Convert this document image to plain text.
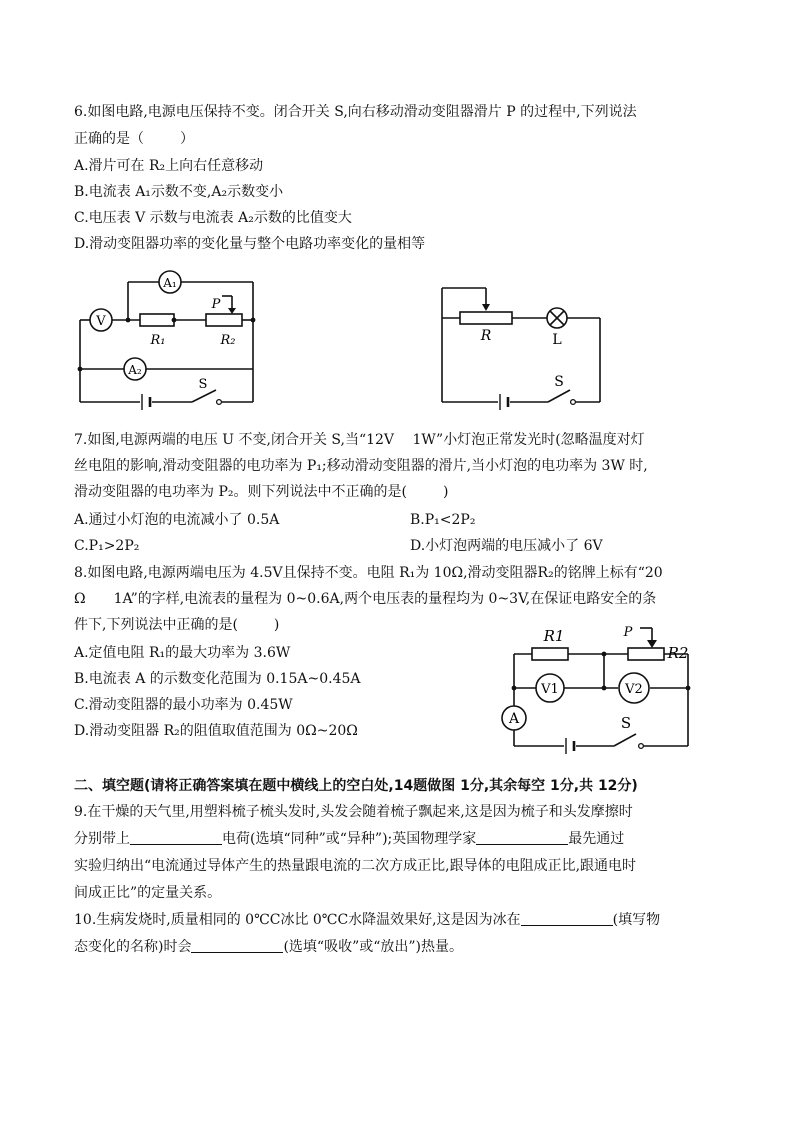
6.如图电路,电源电压保持不变。闭合开关 S,向右移动滑动变阻器滑片 P 的过程中,下列说法
正确的是（	）
A.滑片可在 R₂上向右任意移动
B.电流表 A₁示数不变,A₂示数变小
C.电压表 V 示数与电流表 A₂示数的比值变大
D.滑动变阻器功率的变化量与整个电路功率变化的量相等
A₁
V
A₂
R₁	R₂
P
S
R	L
S
7.如图,电源两端的电压 U 不变,闭合开关 S,当“12V　 1W”小灯泡正常发光时(忽略温度对灯
丝电阻的影响,滑动变阻器的电功率为 P₁;移动滑动变阻器的滑片,当小灯泡的电功率为 3W 时,
滑动变阻器的电功率为 P₂。则下列说法中不正确的是(	)
A.通过小灯泡的电流减小了 0.5A	B.P₁<2P₂
C.P₁>2P₂	D.小灯泡两端的电压减小了 6V
8.如图电路,电源两端电压为 4.5V且保持不变。电阻 R₁为 10Ω,滑动变阻器R₂的铭牌上标有“20
Ω　　1A”的字样,电流表的量程为 0~0.6A,两个电压表的量程均为 0~3V,在保证电路安全的条
件下,下列说法中正确的是(	)
A.定值电阻 R₁的最大功率为 3.6W
B.电流表 A 的示数变化范围为 0.15A~0.45A
C.滑动变阻器的最小功率为 0.45W
D.滑动变阻器 R₂的阻值取值范围为 0Ω~20Ω
R1
R2
P
V1	V2
A	S
二、填空题(请将正确答案填在题中横线上的空白处,14题做图 1分,其余每空 1分,共 12分)
9.在干燥的天气里,用塑料梳子梳头发时,头发会随着梳子飘起来,这是因为梳子和头发摩擦时
分别带上	电荷(选填“同种”或“异种”);英国物理学家	最先通过
实验归纳出“电流通过导体产生的热量跟电流的二次方成正比,跟导体的电阻成正比,跟通电时
间成正比”的定量关系。
10.生病发烧时,质量相同的 0℃C冰比 0℃C水降温效果好,这是因为冰在	(填写物
态变化的名称)时会	(选填“吸收”或“放出”)热量。
